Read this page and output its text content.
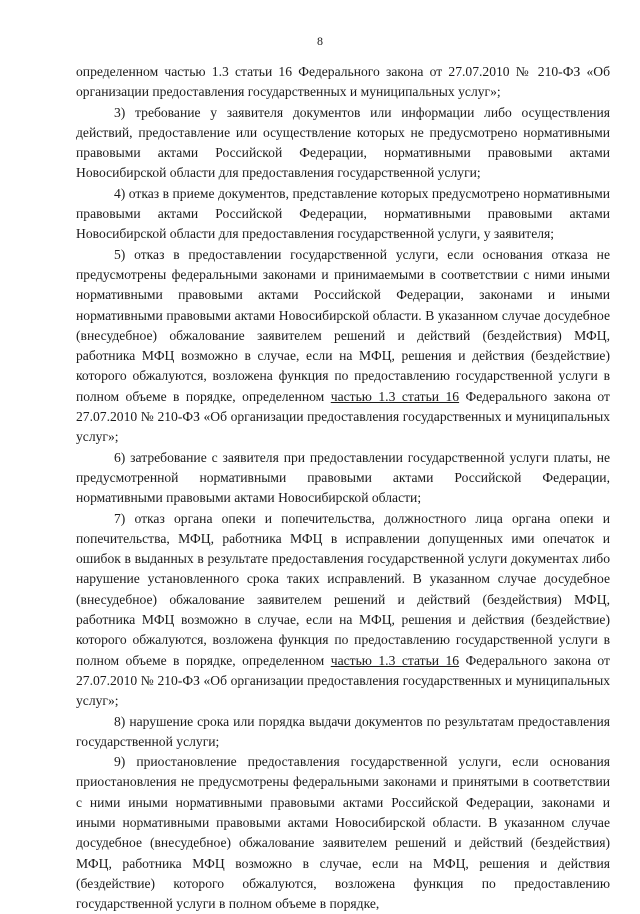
8

определенном частью 1.3 статьи 16 Федерального закона от 27.07.2010 № 210-ФЗ «Об организации предоставления государственных и муниципальных услуг»;

3) требование у заявителя документов или информации либо осуществления действий, предоставление или осуществление которых не предусмотрено нормативными правовыми актами Российской Федерации, нормативными правовыми актами Новосибирской области для предоставления государственной услуги;

4) отказ в приеме документов, представление которых предусмотрено нормативными правовыми актами Российской Федерации, нормативными правовыми актами Новосибирской области для предоставления государственной услуги, у заявителя;

5) отказ в предоставлении государственной услуги, если основания отказа не предусмотрены федеральными законами и принимаемыми в соответствии с ними иными нормативными правовыми актами Российской Федерации, законами и иными нормативными правовыми актами Новосибирской области. В указанном случае досудебное (внесудебное) обжалование заявителем решений и действий (бездействия) МФЦ, работника МФЦ возможно в случае, если на МФЦ, решения и действия (бездействие) которого обжалуются, возложена функция по предоставлению государственной услуги в полном объеме в порядке, определенном частью 1.3 статьи 16 Федерального закона от 27.07.2010 № 210-ФЗ «Об организации предоставления государственных и муниципальных услуг»;

6) затребование с заявителя при предоставлении государственной услуги платы, не предусмотренной нормативными правовыми актами Российской Федерации, нормативными правовыми актами Новосибирской области;

7) отказ органа опеки и попечительства, должностного лица органа опеки и попечительства, МФЦ, работника МФЦ в исправлении допущенных ими опечаток и ошибок в выданных в результате предоставления государственной услуги документах либо нарушение установленного срока таких исправлений. В указанном случае досудебное (внесудебное) обжалование заявителем решений и действий (бездействия) МФЦ, работника МФЦ возможно в случае, если на МФЦ, решения и действия (бездействие) которого обжалуются, возложена функция по предоставлению государственной услуги в полном объеме в порядке, определенном частью 1.3 статьи 16 Федерального закона от 27.07.2010 № 210-ФЗ «Об организации предоставления государственных и муниципальных услуг»;

8) нарушение срока или порядка выдачи документов по результатам предоставления государственной услуги;

9) приостановление предоставления государственной услуги, если основания приостановления не предусмотрены федеральными законами и принятыми в соответствии с ними иными нормативными правовыми актами Российской Федерации, законами и иными нормативными правовыми актами Новосибирской области. В указанном случае досудебное (внесудебное) обжалование заявителем решений и действий (бездействия) МФЦ, работника МФЦ возможно в случае, если на МФЦ, решения и действия (бездействие) которого обжалуются, возложена функция по предоставлению государственной услуги в полном объеме в порядке,
